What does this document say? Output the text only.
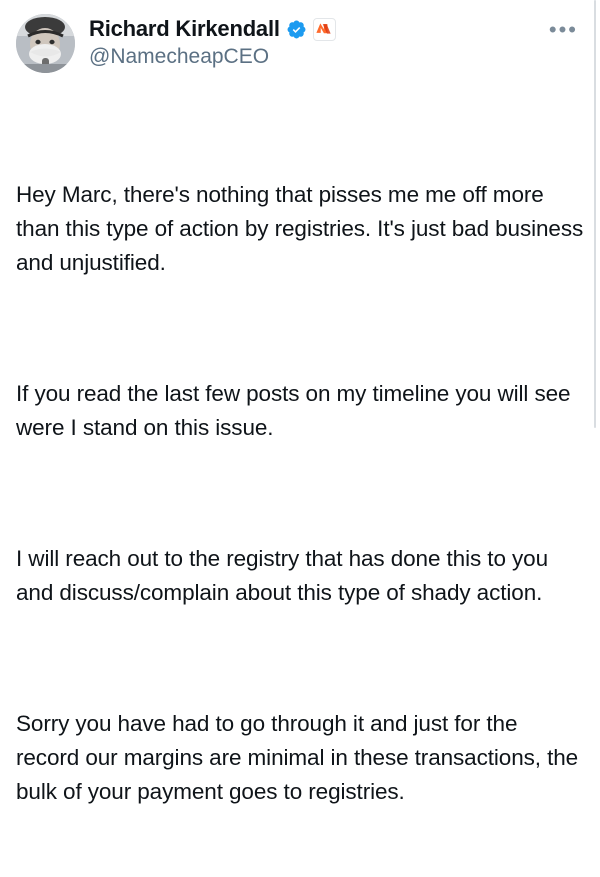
Richard Kirkendall
@NamecheapCEO
•••

Hey Marc, there's nothing that pisses me me off more than this type of action by registries. It's just bad business and unjustified.

If you read the last few posts on my timeline you will see were I stand on this issue.

I will reach out to the registry that has done this to you and discuss/complain about this type of shady action.

Sorry you have had to go through it and just for the record our margins are minimal in these transactions, the bulk of your payment goes to registries.
